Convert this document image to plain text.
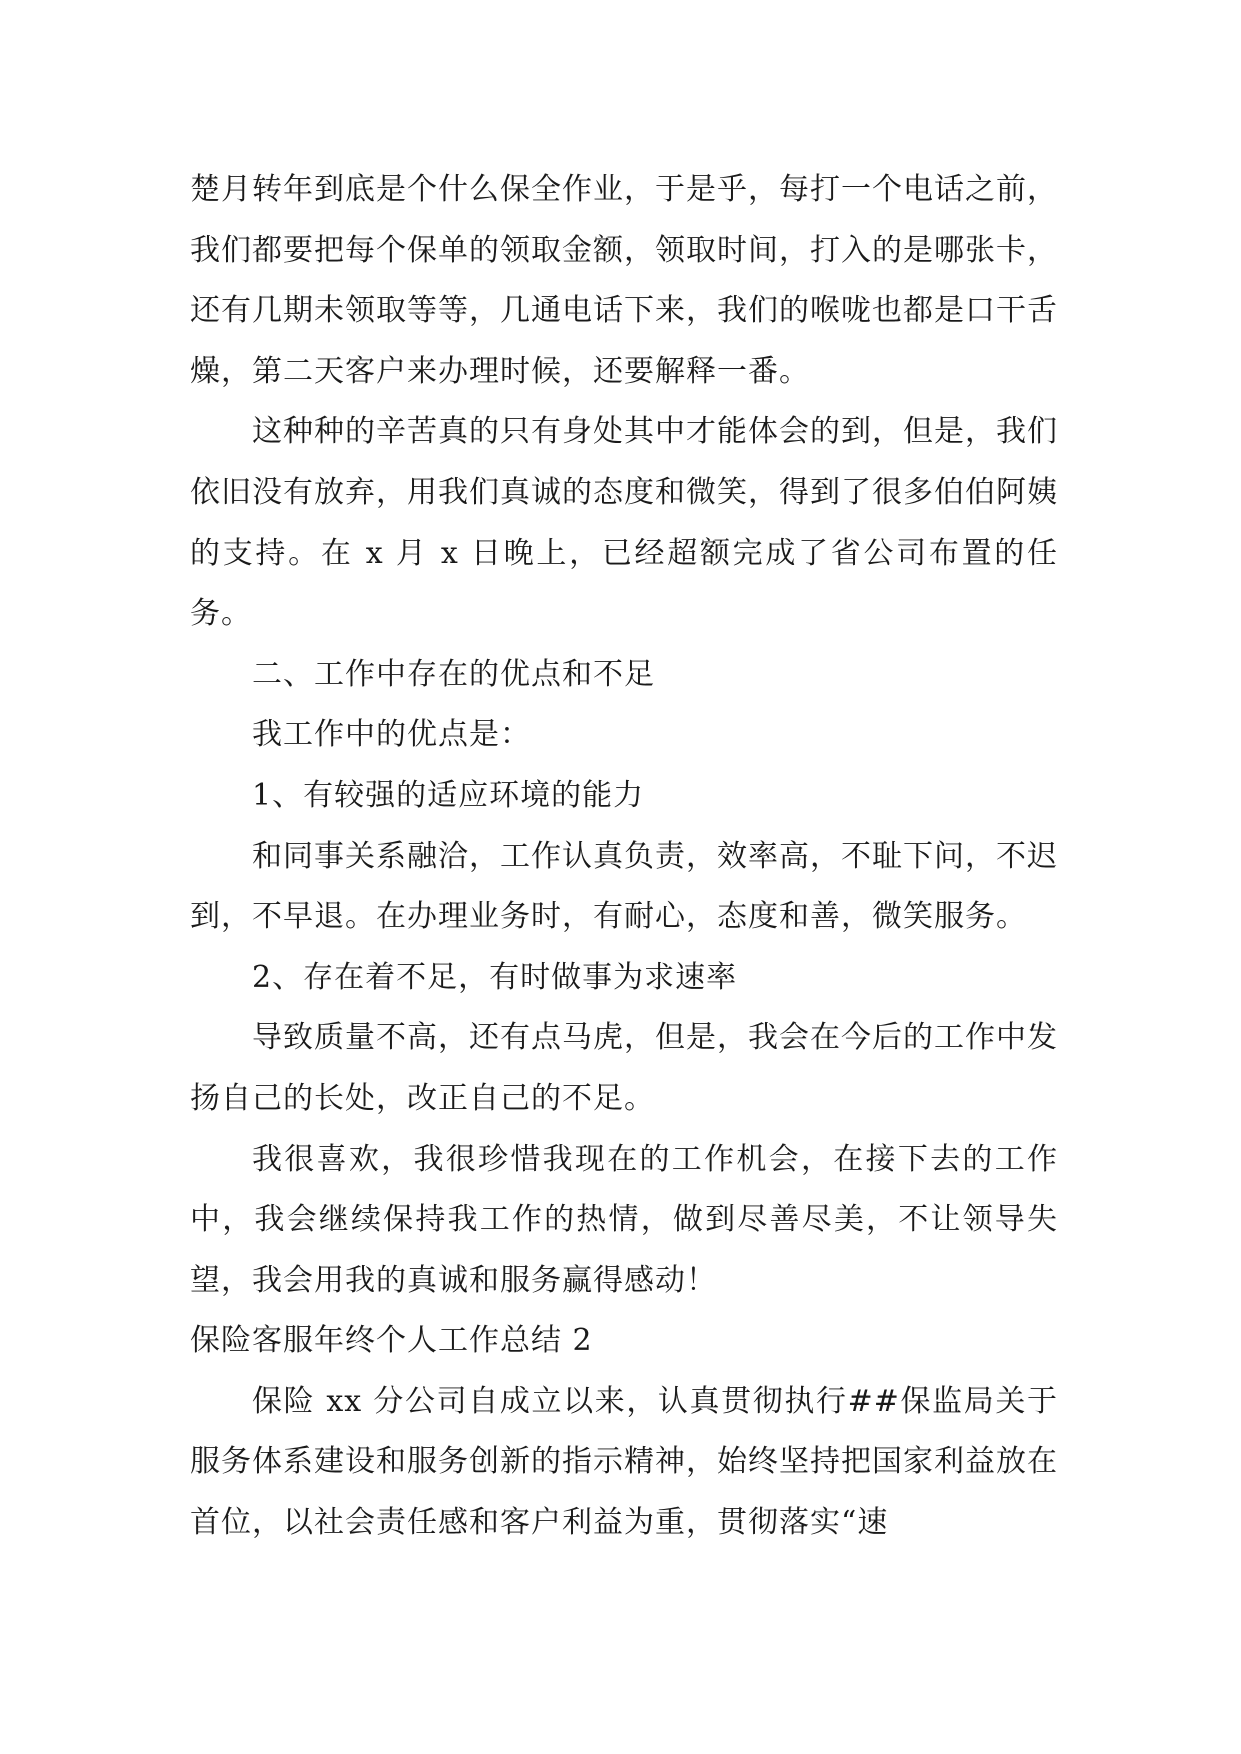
楚月转年到底是个什么保全作业，于是乎，每打一个电话之前，我们都要把每个保单的领取金额，领取时间，打入的是哪张卡，还有几期未领取等等，几通电话下来，我们的喉咙也都是口干舌燥，第二天客户来办理时候，还要解释一番。

这种种的辛苦真的只有身处其中才能体会的到，但是，我们依旧没有放弃，用我们真诚的态度和微笑，得到了很多伯伯阿姨的支持。在 x 月 x 日晚上，已经超额完成了省公司布置的任务。

二、工作中存在的优点和不足

我工作中的优点是：

1、有较强的适应环境的能力

和同事关系融洽，工作认真负责，效率高，不耻下问，不迟到，不早退。在办理业务时，有耐心，态度和善，微笑服务。

2、存在着不足，有时做事为求速率

导致质量不高，还有点马虎，但是，我会在今后的工作中发扬自己的长处，改正自己的不足。

我很喜欢，我很珍惜我现在的工作机会，在接下去的工作中，我会继续保持我工作的热情，做到尽善尽美，不让领导失望，我会用我的真诚和服务赢得感动！

保险客服年终个人工作总结 2

保险 xx 分公司自成立以来，认真贯彻执行##保监局关于服务体系建设和服务创新的指示精神，始终坚持把国家利益放在首位，以社会责任感和客户利益为重，贯彻落实“速
